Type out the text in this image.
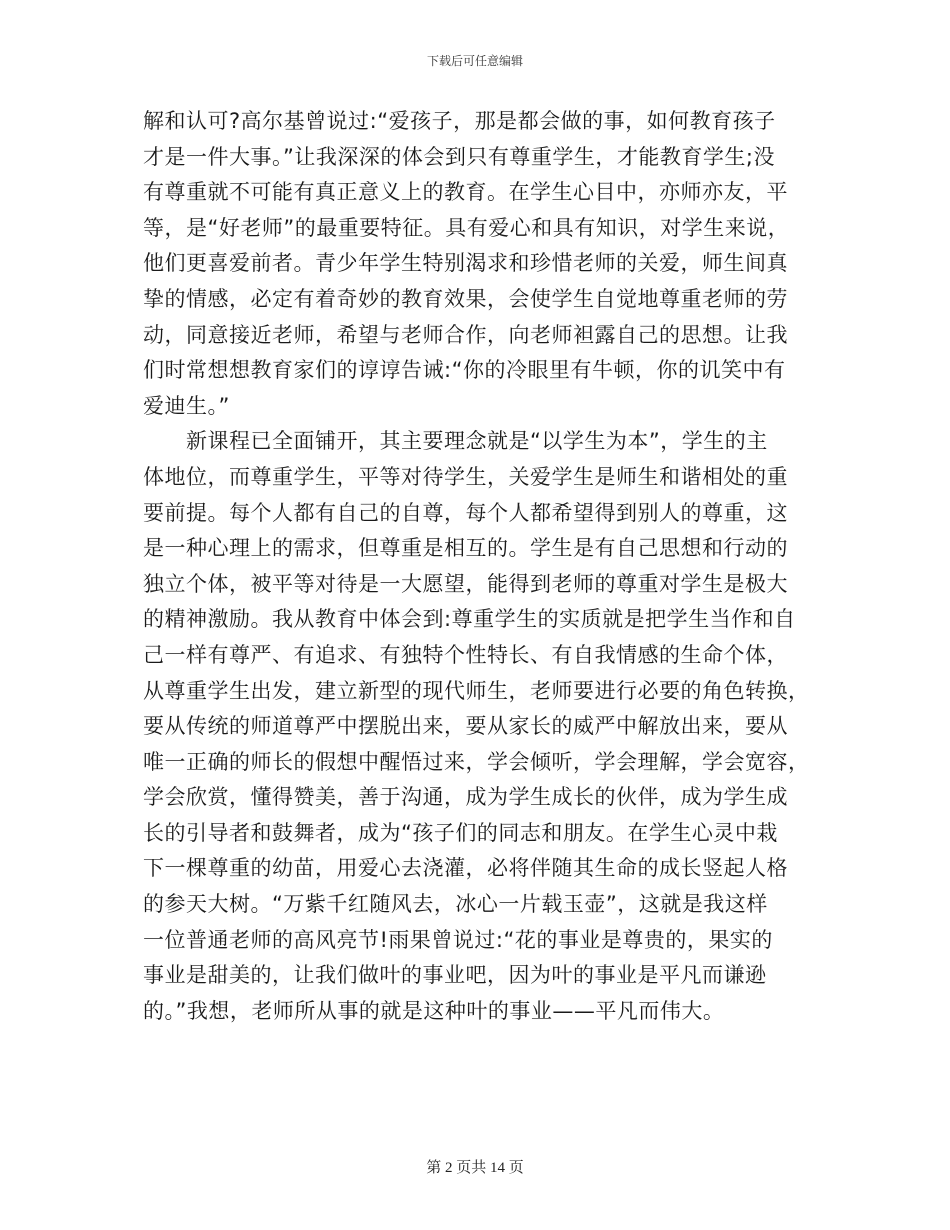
下载后可任意编辑

解和认可?高尔基曾说过:“爱孩子，那是都会做的事，如何教育孩子
才是一件大事。”让我深深的体会到只有尊重学生，才能教育学生;没
有尊重就不可能有真正意义上的教育。在学生心目中，亦师亦友，平
等，是“好老师”的最重要特征。具有爱心和具有知识，对学生来说，
他们更喜爱前者。青少年学生特别渴求和珍惜老师的关爱，师生间真
挚的情感，必定有着奇妙的教育效果，会使学生自觉地尊重老师的劳
动，同意接近老师，希望与老师合作，向老师袒露自己的思想。让我
们时常想想教育家们的谆谆告诫:“你的冷眼里有牛顿，你的讥笑中有
爱迪生。”

新课程已全面铺开，其主要理念就是“以学生为本”，学生的主
体地位，而尊重学生，平等对待学生，关爱学生是师生和谐相处的重
要前提。每个人都有自己的自尊，每个人都希望得到别人的尊重，这
是一种心理上的需求，但尊重是相互的。学生是有自己思想和行动的
独立个体，被平等对待是一大愿望，能得到老师的尊重对学生是极大
的精神激励。我从教育中体会到:尊重学生的实质就是把学生当作和自
己一样有尊严、有追求、有独特个性特长、有自我情感的生命个体，
从尊重学生出发，建立新型的现代师生，老师要进行必要的角色转换，
要从传统的师道尊严中摆脱出来，要从家长的威严中解放出来，要从
唯一正确的师长的假想中醒悟过来，学会倾听，学会理解，学会宽容，
学会欣赏，懂得赞美，善于沟通，成为学生成长的伙伴，成为学生成
长的引导者和鼓舞者，成为“孩子们的同志和朋友。在学生心灵中栽
下一棵尊重的幼苗，用爱心去浇灌，必将伴随其生命的成长竖起人格
的参天大树。“万紫千红随风去，冰心一片载玉壶”，这就是我这样
一位普通老师的高风亮节!雨果曾说过:“花的事业是尊贵的，果实的
事业是甜美的，让我们做叶的事业吧，因为叶的事业是平凡而谦逊
的。”我想，老师所从事的就是这种叶的事业——平凡而伟大。

第 2 页共 14 页
